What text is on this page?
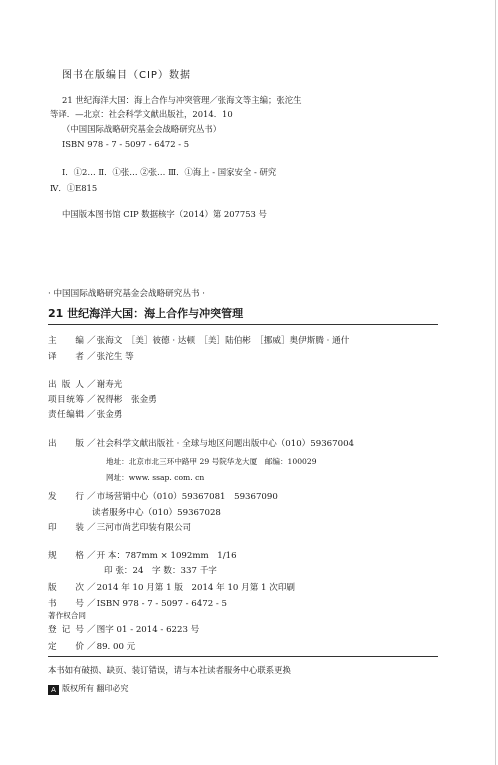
图书在版编目（CIP）数据
21 世纪海洋大国：海上合作与冲突管理／张海文等主编；张沱生
等译．—北京：社会科学文献出版社，2014．10
（中国国际战略研究基金会战略研究丛书）
ISBN 978 - 7 - 5097 - 6472 - 5
Ⅰ．①2… Ⅱ．①张… ②张… Ⅲ．①海上 - 国家安全 - 研究
Ⅳ．①E815
中国版本图书馆 CIP 数据核字（2014）第 207753 号
· 中国国际战略研究基金会战略研究丛书 ·
21 世纪海洋大国：海上合作与冲突管理
主　　编 ／张海文　［美］彼德 · 达顿　［美］陆伯彬　［挪威］奥伊斯腾 · 通什
译　　者 ／张沱生 等
出 版 人 ／谢寿光
项目统筹 ／祝得彬　张金勇
责任编辑 ／张金勇
出　　版 ／社会科学文献出版社 · 全球与地区问题出版中心（010）59367004
地址：北京市北三环中路甲 29 号院华龙大厦　邮编：100029
网址：www. ssap. com. cn
发　　行 ／市场营销中心（010）59367081　59367090
读者服务中心（010）59367028
印　　装 ／三河市尚艺印装有限公司
规　　格 ／开 本：787mm × 1092mm　1/16
印 张：24　字 数：337 千字
版　　次 ／2014 年 10 月第 1 版　2014 年 10 月第 1 次印刷
书　　号 ／ISBN 978 - 7 - 5097 - 6472 - 5
著作权合同
登 记 号 ／图字 01 - 2014 - 6223 号
定　　价 ／89. 00 元
本书如有破损、缺页、装订错误，请与本社读者服务中心联系更换
A 版权所有 翻印必究
